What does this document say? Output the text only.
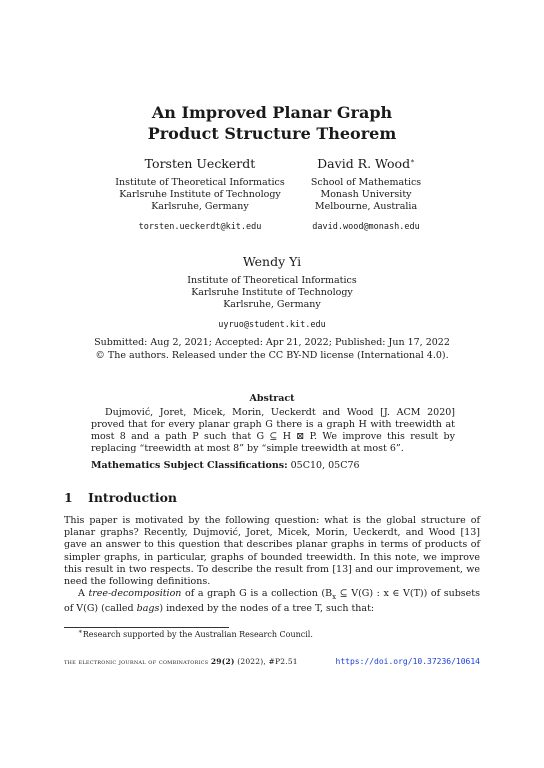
An Improved Planar Graph
Product Structure Theorem
Torsten Ueckerdt
Institute of Theoretical Informatics
Karlsruhe Institute of Technology
Karlsruhe, Germany
torsten.ueckerdt@kit.edu
David R. Wood∗
School of Mathematics
Monash University
Melbourne, Australia
david.wood@monash.edu
Wendy Yi
Institute of Theoretical Informatics
Karlsruhe Institute of Technology
Karlsruhe, Germany
uyruo@student.kit.edu
Submitted: Aug 2, 2021; Accepted: Apr 21, 2022; Published: Jun 17, 2022
© The authors. Released under the CC BY-ND license (International 4.0).
Abstract
Dujmović, Joret, Micek, Morin, Ueckerdt and Wood [J. ACM 2020] proved that for every planar graph G there is a graph H with treewidth at most 8 and a path P such that G ⊆ H ⊠ P. We improve this result by replacing “treewidth at most 8” by “simple treewidth at most 6”.
Mathematics Subject Classifications: 05C10, 05C76
1 Introduction

This paper is motivated by the following question: what is the global structure of planar graphs? Recently, Dujmović, Joret, Micek, Morin, Ueckerdt, and Wood [13] gave an answer to this question that describes planar graphs in terms of products of simpler graphs, in particular, graphs of bounded treewidth. In this note, we improve this result in two respects. To describe the result from [13] and our improvement, we need the following definitions.

A tree-decomposition of a graph G is a collection ($B_x$ ⊆ V(G) : x ∈ V(T)) of subsets of V(G) (called bags) indexed by the nodes of a tree T, such that:

∗Research supported by the Australian Research Council.
the electronic journal of combinatorics 29(2) (2022), #P2.51	https://doi.org/10.37236/10614
